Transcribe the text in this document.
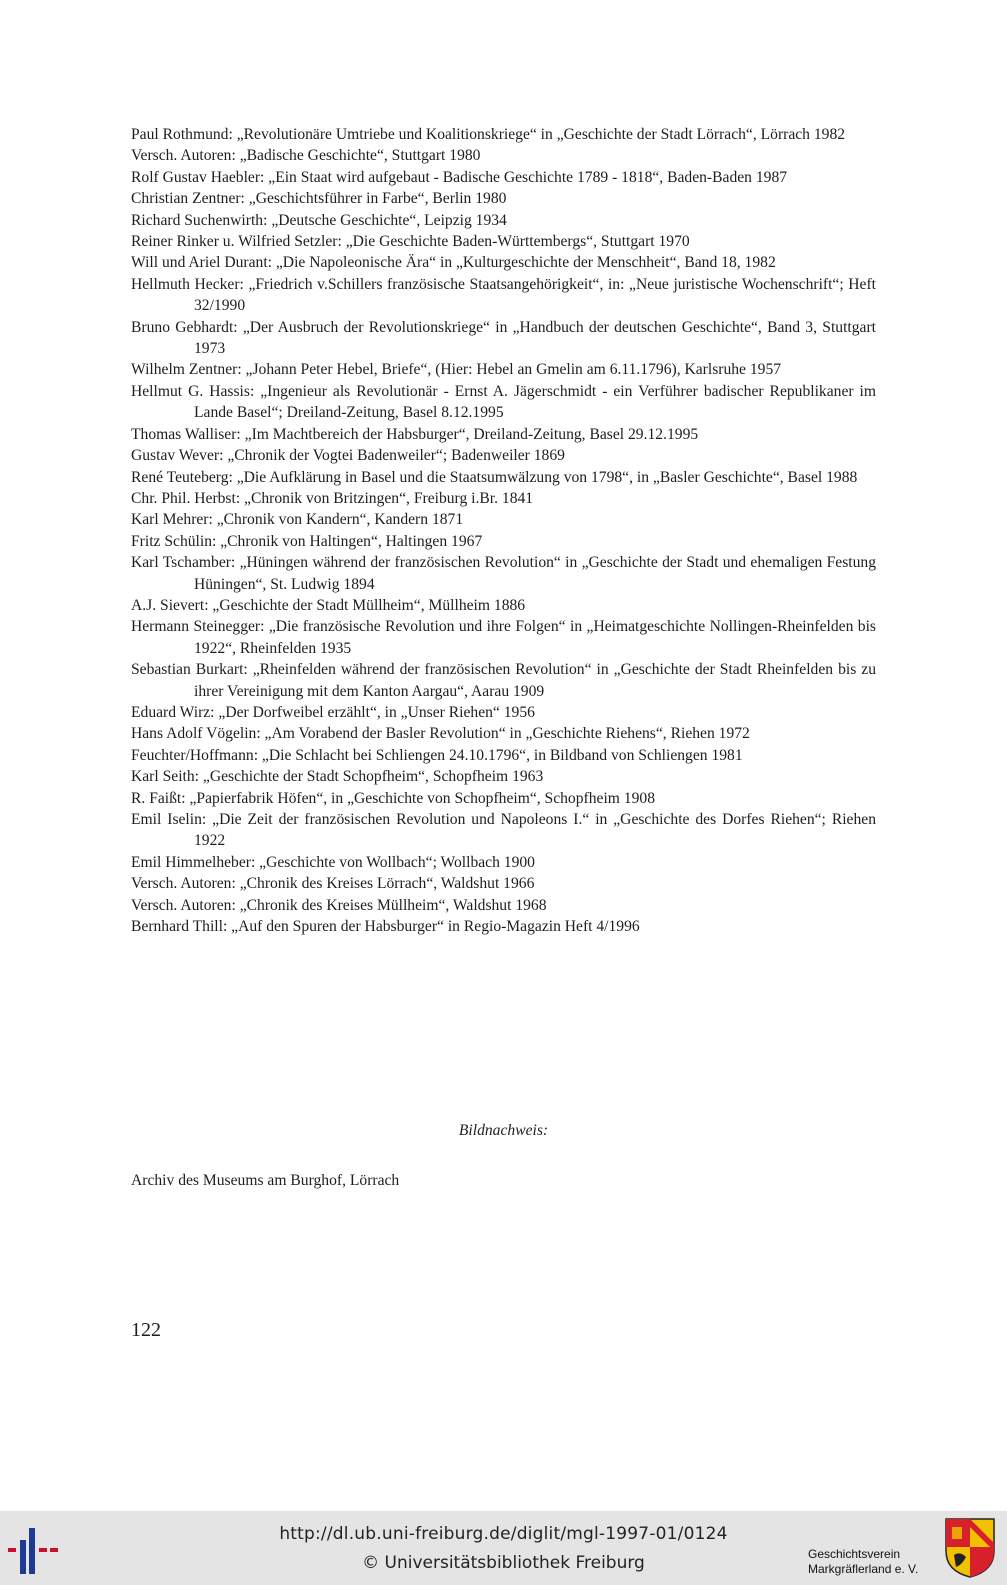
Paul Rothmund: „Revolutionäre Umtriebe und Koalitionskriege“ in „Geschichte der Stadt Lörrach“, Lörrach 1982
Versch. Autoren: „Badische Geschichte“, Stuttgart 1980
Rolf Gustav Haebler: „Ein Staat wird aufgebaut - Badische Geschichte 1789 - 1818“, Baden-Baden 1987
Christian Zentner: „Geschichtsführer in Farbe“, Berlin 1980
Richard Suchenwirth: „Deutsche Geschichte“, Leipzig 1934
Reiner Rinker u. Wilfried Setzler: „Die Geschichte Baden-Württembergs“, Stuttgart 1970
Will und Ariel Durant: „Die Napoleonische Ära“ in „Kulturgeschichte der Menschheit“, Band 18, 1982
Hellmuth Hecker: „Friedrich v.Schillers französische Staatsangehörigkeit“, in: „Neue juristische Wochenschrift“; Heft 32/1990
Bruno Gebhardt: „Der Ausbruch der Revolutionskriege“ in „Handbuch der deutschen Geschichte“, Band 3, Stuttgart 1973
Wilhelm Zentner: „Johann Peter Hebel, Briefe“, (Hier: Hebel an Gmelin am 6.11.1796), Karlsruhe 1957
Hellmut G. Hassis: „Ingenieur als Revolutionär - Ernst A. Jägerschmidt - ein Verführer badischer Republikaner im Lande Basel“; Dreiland-Zeitung, Basel 8.12.1995
Thomas Walliser: „Im Machtbereich der Habsburger“, Dreiland-Zeitung, Basel 29.12.1995
Gustav Wever: „Chronik der Vogtei Badenweiler“; Badenweiler 1869
René Teuteberg: „Die Aufklärung in Basel und die Staatsumwälzung von 1798“, in „Basler Geschichte“, Basel 1988
Chr. Phil. Herbst: „Chronik von Britzingen“, Freiburg i.Br. 1841
Karl Mehrer: „Chronik von Kandern“, Kandern 1871
Fritz Schülin: „Chronik von Haltingen“, Haltingen 1967
Karl Tschamber: „Hüningen während der französischen Revolution“ in „Geschichte der Stadt und ehemaligen Festung Hüningen“, St. Ludwig 1894
A.J. Sievert: „Geschichte der Stadt Müllheim“, Müllheim 1886
Hermann Steinegger: „Die französische Revolution und ihre Folgen“ in „Heimatgeschichte Nollingen-Rheinfelden bis 1922“, Rheinfelden 1935
Sebastian Burkart: „Rheinfelden während der französischen Revolution“ in „Geschichte der Stadt Rheinfelden bis zu ihrer Vereinigung mit dem Kanton Aargau“, Aarau 1909
Eduard Wirz: „Der Dorfweibel erzählt“, in „Unser Riehen“ 1956
Hans Adolf Vögelin: „Am Vorabend der Basler Revolution“ in „Geschichte Riehens“, Riehen 1972
Feuchter/Hoffmann: „Die Schlacht bei Schliengen 24.10.1796“, in Bildband von Schliengen 1981
Karl Seith: „Geschichte der Stadt Schopfheim“, Schopfheim 1963
R. Faißt: „Papierfabrik Höfen“, in „Geschichte von Schopfheim“, Schopfheim 1908
Emil Iselin: „Die Zeit der französischen Revolution und Napoleons I.“ in „Geschichte des Dorfes Riehen“; Riehen 1922
Emil Himmelheber: „Geschichte von Wollbach“; Wollbach 1900
Versch. Autoren: „Chronik des Kreises Lörrach“, Waldshut 1966
Versch. Autoren: „Chronik des Kreises Müllheim“, Waldshut 1968
Bernhard Thill: „Auf den Spuren der Habsburger“ in Regio-Magazin Heft 4/1996
Bildnachweis:

Archiv des Museums am Burghof, Lörrach

122
http://dl.ub.uni-freiburg.de/diglit/mgl-1997-01/0124
© Universitätsbibliothek Freiburg	Geschichtsverein
Markgräflerland e. V.
